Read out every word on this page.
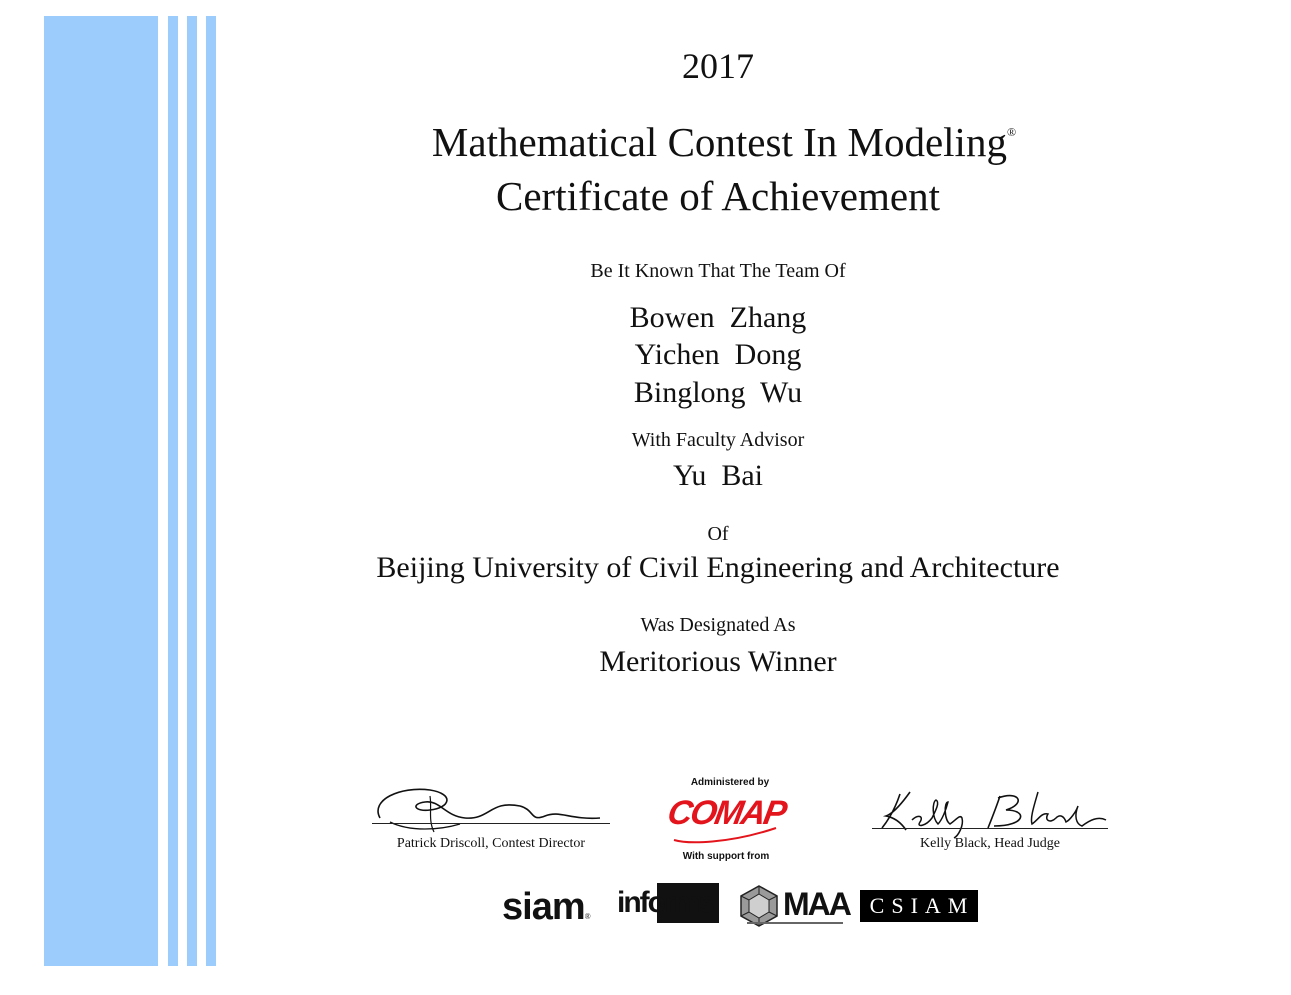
2017
Mathematical Contest In Modeling®
Certificate of Achievement
Be It Known That The Team Of
Bowen  Zhang
Yichen  Dong
Binglong  Wu
With Faculty Advisor
Yu  Bai
Of
Beijing University of Civil Engineering and Architecture
Was Designated As
Meritorious Winner
Patrick Driscoll, Contest Director	Kelly Black, Head Judge
Administered by
COMAP
With support from
siam® informs MAA CSIAM
